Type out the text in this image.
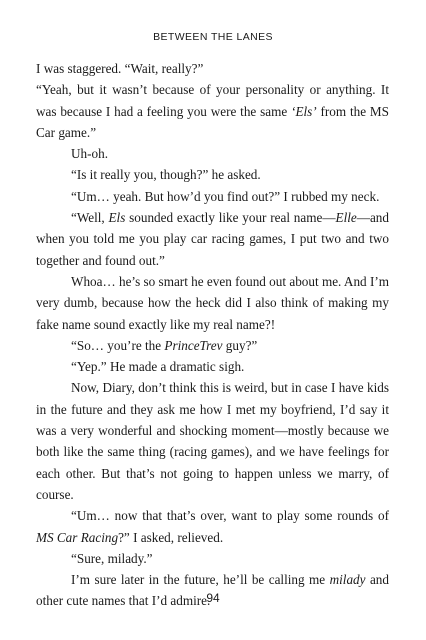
BETWEEN THE LANES

I was staggered. “Wait, really?”

“Yeah, but it wasn’t because of your personality or anything. It was because I had a feeling you were the same ‘Els’ from the MS Car game.”

Uh-oh.

“Is it really you, though?” he asked.

“Um… yeah. But how’d you find out?” I rubbed my neck.

“Well, Els sounded exactly like your real name—Elle—and when you told me you play car racing games, I put two and two together and found out.”

Whoa… he’s so smart he even found out about me. And I’m very dumb, because how the heck did I also think of making my fake name sound exactly like my real name?!

“So… you’re the PrinceTrev guy?”

“Yep.” He made a dramatic sigh.

Now, Diary, don’t think this is weird, but in case I have kids in the future and they ask me how I met my boyfriend, I’d say it was a very wonderful and shocking moment—mostly because we both like the same thing (racing games), and we have feelings for each other. But that’s not going to happen unless we marry, of course.

“Um… now that that’s over, want to play some rounds of MS Car Racing?” I asked, relieved.

“Sure, milady.”

I’m sure later in the future, he’ll be calling me milady and other cute names that I’d admire.

94
